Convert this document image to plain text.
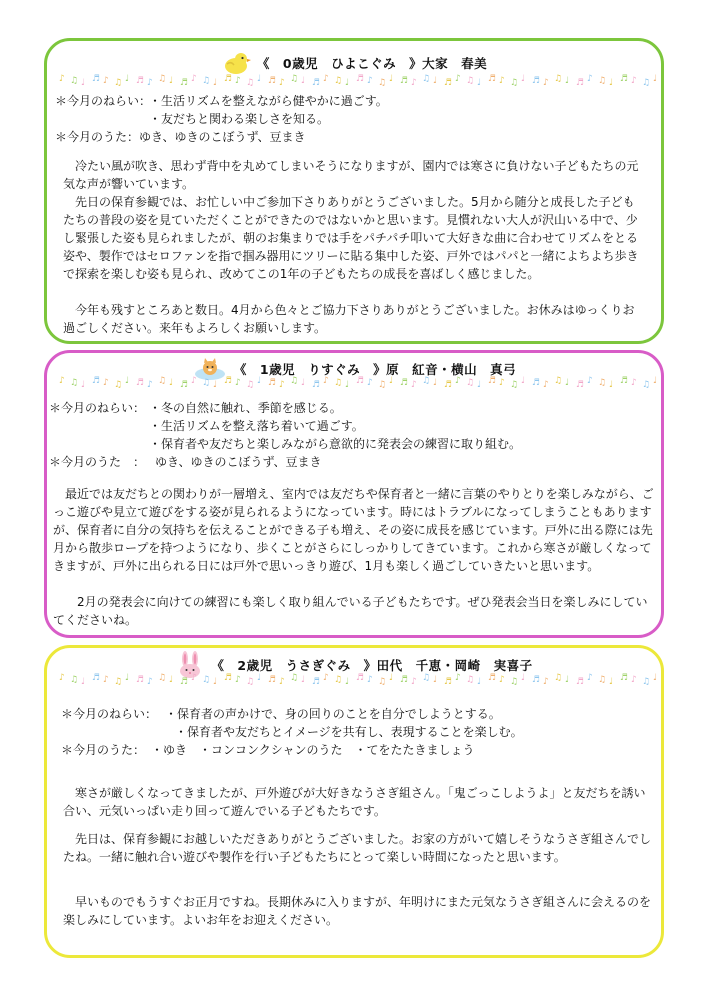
《　0歳児　ひよこぐみ　》大家　春美
♪ ♫ ♩ ♬ ♪ ♫ ♩ ♬ ♪ ♫ ♩ ♬ ♪ ♫ ♩ ♬ ♪ ♫ ♩ ♬ ♪ ♫ ♩ ♬ ♪ ♫ ♩ ♬ ♪ ♫ ♩ ♬ ♪ ♫ ♩ ♬ ♪ ♫ ♩ ♬ ♪ ♫ ♩ ♬ ♪ ♫ ♩ ♬ ♪ ♫ ♩ ♬ ♪ ♫ ♩
＊今月のねらい：
・生活リズムを整えながら健やかに過ごす。
・友だちと関わる楽しさを知る。
＊今月のうた：ゆき、ゆきのこぼうず、豆まき
　冷たい風が吹き、思わず背中を丸めてしまいそうになりますが、園内では寒さに負けない子どもたちの元気な声が響いています。
　先日の保育参観では、お忙しい中ご参加下さりありがとうございました。5月から随分と成長した子どもたちの普段の姿を見ていただくことができたのではないかと思います。見慣れない大人が沢山いる中で、少し緊張した姿も見られましたが、朝のお集まりでは手をパチパチ叩いて大好きな曲に合わせてリズムをとる姿や、製作ではセロファンを指で掴み器用にツリーに貼る集中した姿、戸外ではパパと一緒によちよち歩きで探索を楽しむ姿も見られ、改めてこの1年の子どもたちの成長を喜ばしく感じました。
　今年も残すところあと数日。4月から色々とご協力下さりありがとうございました。お休みはゆっくりお過ごしください。来年もよろしくお願いします。
《　1歳児　りすぐみ　》原　紅音・横山　真弓
♪ ♫ ♩ ♬ ♪ ♫ ♩ ♬ ♪ ♫ ♩ ♬ ♪ ♫ ♩ ♬ ♪ ♫ ♩ ♬ ♪ ♫ ♩ ♬ ♪ ♫ ♩ ♬ ♪ ♫ ♩ ♬ ♪ ♫ ♩ ♬ ♪ ♫ ♩ ♬ ♪ ♫ ♩ ♬ ♪ ♫ ♩ ♬ ♪ ♫ ♩ ♬ ♪ ♫ ♩
＊今月のねらい： ・冬の自然に触れ、季節を感じる。
・生活リズムを整え落ち着いて過ごす。
・保育者や友だちと楽しみながら意欲的に発表会の練習に取り組む。
＊今月のうた　： ゆき、ゆきのこぼうず、豆まき
　最近では友だちとの関わりが一層増え、室内では友だちや保育者と一緒に言葉のやりとりを楽しみながら、ごっこ遊びや見立て遊びをする姿が見られるようになっています。時にはトラブルになってしまうこともありますが、保育者に自分の気持ちを伝えることができる子も増え、その姿に成長を感じています。戸外に出る際には先月から散歩ロープを持つようになり、歩くことがさらにしっかりしてきています。これから寒さが厳しくなってきますが、戸外に出られる日には戸外で思いっきり遊び、1月も楽しく過ごしていきたいと思います。
　　2月の発表会に向けての練習にも楽しく取り組んでいる子どもたちです。ぜひ発表会当日を楽しみにしていてくださいね。
《　2歳児　うさぎぐみ　》田代　千恵・岡崎　実喜子
♪ ♫ ♩ ♬ ♪ ♫ ♩ ♬ ♪ ♫ ♩ ♬ ♪ ♫ ♩ ♬ ♪ ♫ ♩ ♬ ♪ ♫ ♩ ♬ ♪ ♫ ♩ ♬ ♪ ♫ ♩ ♬ ♪ ♫ ♩ ♬ ♪ ♫ ♩ ♬ ♪ ♫ ♩ ♬ ♪ ♫ ♩ ♬ ♪ ♫ ♩ ♬ ♪ ♫ ♩
＊今月のねらい： ・保育者の声かけで、身の回りのことを自分でしようとする。
・保育者や友だちとイメージを共有し、表現することを楽しむ。
＊今月のうた： ・ゆき　・コンコンクシャンのうた　・てをたたきましょう
　寒さが厳しくなってきましたが、戸外遊びが大好きなうさぎ組さん。「鬼ごっこしようよ」と友だちを誘い合い、元気いっぱい走り回って遊んでいる子どもたちです。
　先日は、保育参観にお越しいただきありがとうございました。お家の方がいて嬉しそうなうさぎ組さんでしたね。一緒に触れ合い遊びや製作を行い子どもたちにとって楽しい時間になったと思います。
　早いものでもうすぐお正月ですね。長期休みに入りますが、年明けにまた元気なうさぎ組さんに会えるのを楽しみにしています。よいお年をお迎えください。
